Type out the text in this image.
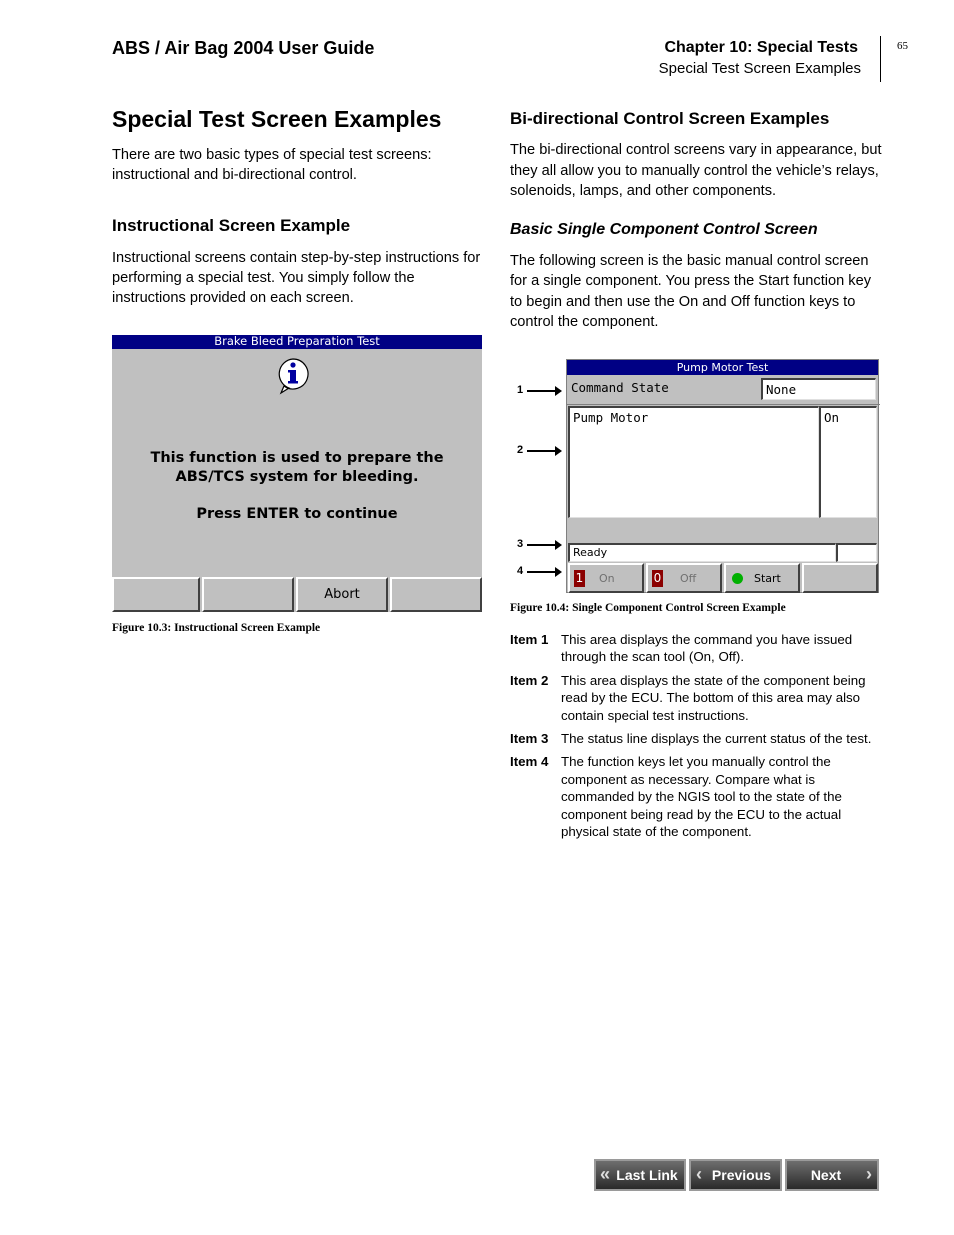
ABS / Air Bag 2004 User Guide	Chapter 10: Special Tests
Special Test Screen Examples
65
Special Test Screen Examples
There are two basic types of special test screens: instructional and bi-directional control.
Instructional Screen Example
Instructional screens contain step-by-step instructions for performing a special test. You simply follow the instructions provided on each screen.
Brake Bleed Preparation Test
This function is used to prepare the
ABS/TCS system for bleeding.
Press ENTER to continue
Abort
Figure 10.3: Instructional Screen Example
Bi-directional Control Screen Examples
The bi-directional control screens vary in appearance, but they all allow you to manually control the vehicle’s relays, solenoids, lamps, and other components.
Basic Single Component Control Screen
The following screen is the basic manual control screen for a single component. You press the Start function key to begin and then use the On and Off function keys to control the component.
1
2
3
4
Pump Motor Test
Command State	None
Pump Motor	On
Ready
1 On	0 Off	Start
Figure 10.4: Single Component Control Screen Example
Item 1 This area displays the command you have issued through the scan tool (On, Off).
Item 2 This area displays the state of the component being read by the ECU. The bottom of this area may also contain special test instructions.
Item 3 The status line displays the current status of the test.
Item 4 The function keys let you manually control the component as necessary. Compare what is commanded by the NGIS tool to the state of the component being read by the ECU to the actual physical state of the component.
« Last Link ‹ Previous	Next ›
